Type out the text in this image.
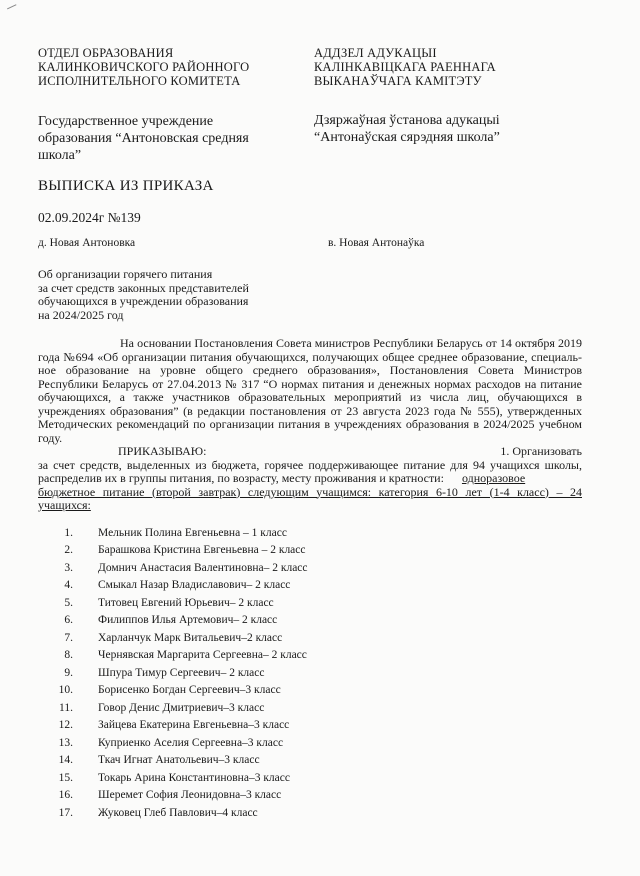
ОТДЕЛ ОБРАЗОВАНИЯ
КАЛИНКОВИЧСКОГО РАЙОННОГО
ИСПОЛНИТЕЛЬНОГО КОМИТЕТА
АДДЗЕЛ АДУКАЦЫI
КАЛIНКАВIЦКАГА РАЕННАГА
ВЫКАНАЎЧАГА КАМIТЭТУ
Государственное учреждение
образования “Антоновская средняя
школа”
Дзяржаўная ўстанова адукацыi
“Антонаўская сярэдняя школа”
ВЫПИСКА ИЗ ПРИКАЗА
02.09.2024г №139
д. Новая Антоновка	в. Новая Антонаўка
Об организации горячего питания
за счет средств законных представителей
обучающихся в учреждении образования
на 2024/2025 год

На основании Постановления Совета министров Республики Беларусь от 14 октября 2019 года №694 «Об организации питания обучающихся, получающих общее среднее образование, специаль-ное образование на уровне общего среднего образования», Постановления Совета Министров Республики Беларусь от 27.04.2013 № 317 “О нормах питания и денежных нормах расходов на питание обучающихся, а также участников образовательных мероприятий из числа лиц, обучающихся в учреждениях образования” (в редакции постановления от 23 августа 2023 года № 555), утвержденных Методических рекомендаций по организации питания в учреждениях образования в 2024/2025 учебном году.

ПРИКАЗЫВАЮ:	1. Организовать

за счет средств, выделенных из бюджета, горячее поддерживающее питание для 94 учащихся школы, распределив их в группы питания, по возрасту, месту проживания и кратности: одноразовое

бюджетное питание (второй завтрак) следующим учащимся: категория 6-10 лет (1-4 класс) – 24 учащихся:

1.	Мельник Полина Евгеньевна – 1 класс
2.	Барашкова Кристина Евгеньевна – 2 класс
3.	Домнич Анастасия Валентиновна– 2 класс
4.	Смыкал Назар Владиславович– 2 класс
5.	Титовец Евгений Юрьевич– 2 класс
6.	Филиппов Илья Артемович– 2 класс
7.	Харланчук Марк Витальевич–2 класс
8.	Чернявская Маргарита Сергеевна– 2 класс
9.	Шпура Тимур Сергеевич– 2 класс
10.	Борисенко Богдан Сергеевич–3 класс
11.	Говор Денис Дмитриевич–3 класс
12.	Зайцева Екатерина Евгеньевна–3 класс
13.	Куприенко Аселия Сергеевна–3 класс
14.	Ткач Игнат Анатольевич–3 класс
15.	Токарь Арина Константиновна–3 класс
16.	Шеремет София Леонидовна–3 класс
17.	Жуковец Глеб Павлович–4 класс
